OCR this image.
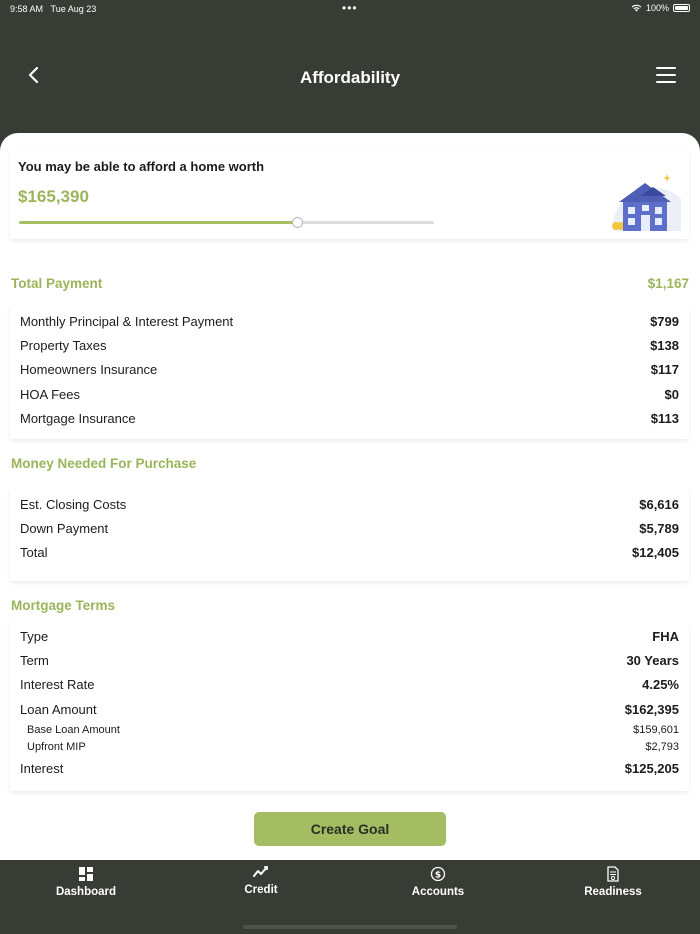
9:58 AM Tue Aug 23	•••	100%
Affordability
You may be able to afford a home worth
$165,390
Total Payment	$1,167
Monthly Principal & Interest Payment	$799
Property Taxes	$138
Homeowners Insurance	$117
HOA Fees	$0
Mortgage Insurance	$113
Money Needed For Purchase
Est. Closing Costs	$6,616
Down Payment	$5,789
Total	$12,405
Mortgage Terms
Type	FHA
Term	30 Years
Interest Rate	4.25%
Loan Amount	$162,395
Base Loan Amount	$159,601
Upfront MIP	$2,793
Interest	$125,205
Create Goal
Dashboard	Credit
$
Accounts	Readiness
